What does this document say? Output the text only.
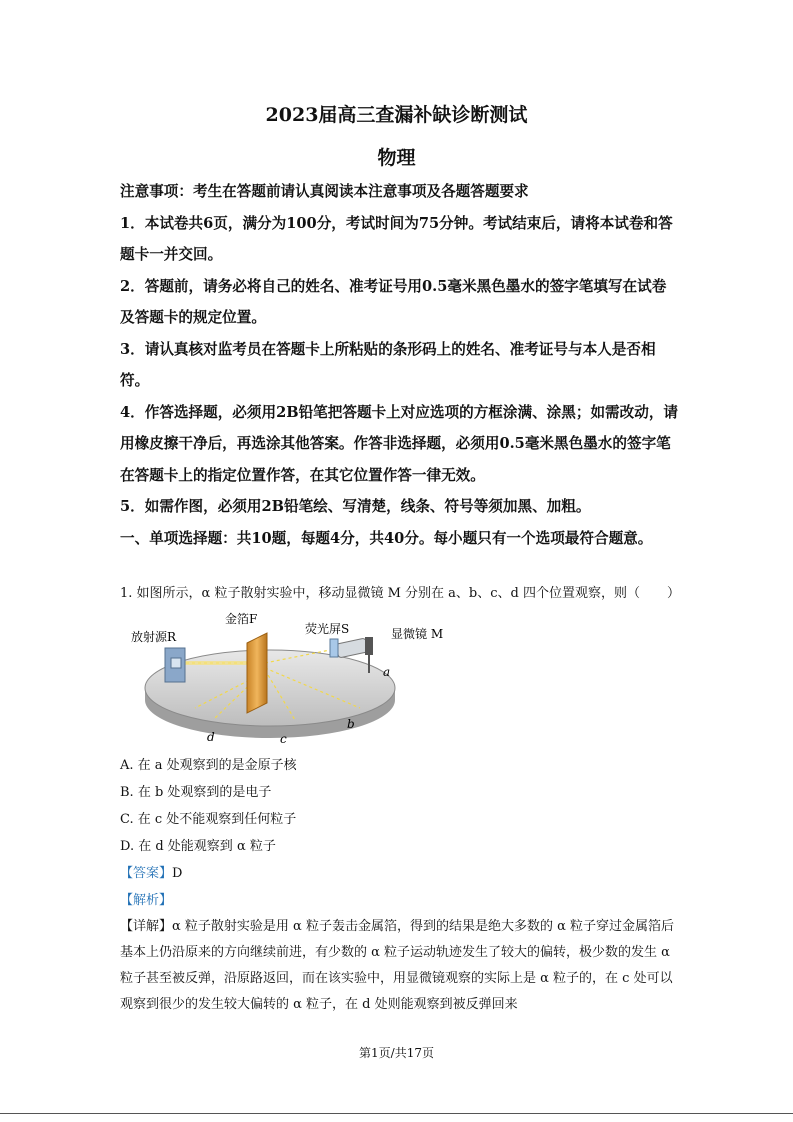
2023届高三查漏补缺诊断测试
物理

注意事项：考生在答题前请认真阅读本注意事项及各题答题要求

1．本试卷共6页，满分为100分，考试时间为75分钟。考试结束后，请将本试卷和答题卡一并交回。

2．答题前，请务必将自己的姓名、准考证号用0.5毫米黑色墨水的签字笔填写在试卷及答题卡的规定位置。

3．请认真核对监考员在答题卡上所粘贴的条形码上的姓名、准考证号与本人是否相符。

4．作答选择题，必须用2B铅笔把答题卡上对应选项的方框涂满、涂黑；如需改动，请用橡皮擦干净后，再选涂其他答案。作答非选择题，必须用0.5毫米黑色墨水的签字笔在答题卡上的指定位置作答，在其它位置作答一律无效。

5．如需作图，必须用2B铅笔绘、写清楚，线条、符号等须加黑、加粗。

一、单项选择题：共10题，每题4分，共40分。每小题只有一个选项最符合题意。

1. 如图所示，α 粒子散射实验中，移动显微镜 M 分别在 a、b、c、d 四个位置观察，则（ ）

放射源R
金箔F
荧光屏S	显微镜 M
a
b
c
d

A. 在 a 处观察到的是金原子核

B. 在 b 处观察到的是电子

C. 在 c 处不能观察到任何粒子

D. 在 d 处能观察到 α 粒子

【答案】D

【解析】

【详解】α 粒子散射实验是用 α 粒子轰击金属箔，得到的结果是绝大多数的 α 粒子穿过金属箔后基本上仍沿原来的方向继续前进，有少数的 α 粒子运动轨迹发生了较大的偏转，极少数的发生 α 粒子甚至被反弹，沿原路返回，而在该实验中，用显微镜观察的实际上是 α 粒子的，在 c 处可以观察到很少的发生较大偏转的 α 粒子，在 d 处则能观察到被反弹回来

第1页/共17页
